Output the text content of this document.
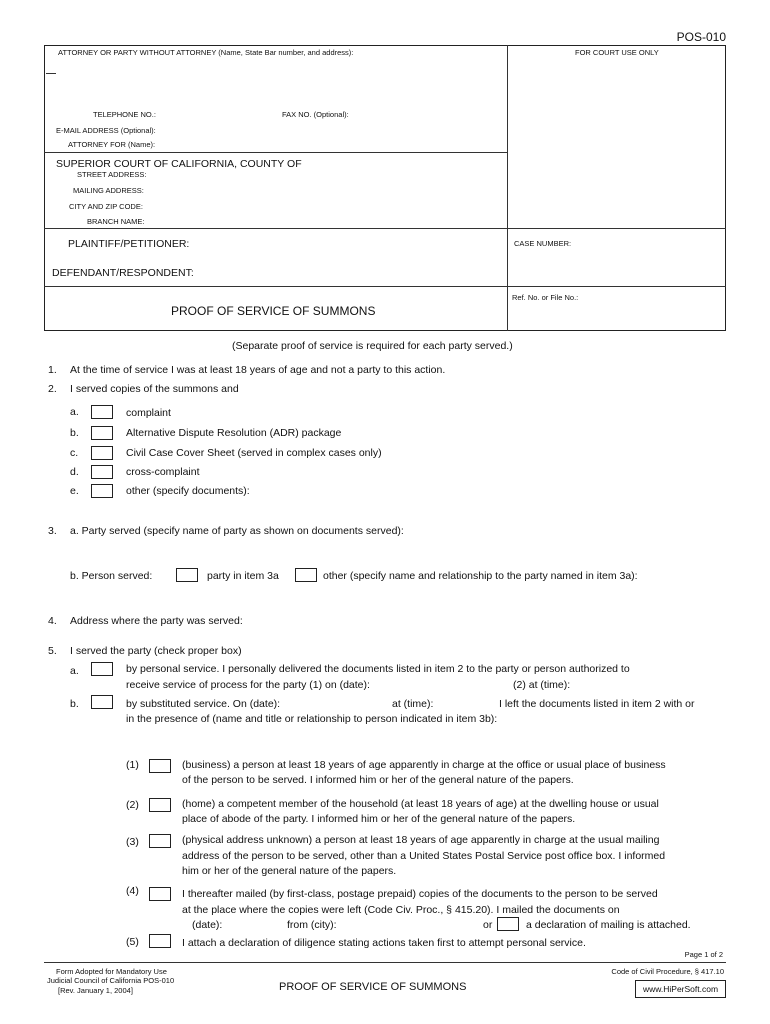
POS-010
ATTORNEY OR PARTY WITHOUT ATTORNEY (Name, State Bar number, and address):	FOR COURT USE ONLY
TELEPHONE NO.:	FAX NO. (Optional):
E-MAIL ADDRESS (Optional):
ATTORNEY FOR (Name):
SUPERIOR COURT OF CALIFORNIA, COUNTY OF
STREET ADDRESS:
MAILING ADDRESS:
CITY AND ZIP CODE:
BRANCH NAME:
PLAINTIFF/PETITIONER:
DEFENDANT/RESPONDENT:
CASE NUMBER:
Ref. No. or File No.:
PROOF OF SERVICE OF SUMMONS
(Separate proof of service is required for each party served.)
1. At the time of service I was at least 18 years of age and not a party to this action.
2. I served copies of the summons and
a.	complaint
b.	Alternative Dispute Resolution (ADR) package
c.	Civil Case Cover Sheet (served in complex cases only)
d.	cross-complaint
e.	other (specify documents):
3. a. Party served (specify name of party as shown on documents served):
b. Person served:	party in item 3a	other (specify name and relationship to the party named in item 3a):
4. Address where the party was served:
5. I served the party (check proper box)
a.	by personal service. I personally delivered the documents listed in item 2 to the party or person authorized to
receive service of process for the party (1) on (date):	(2) at (time):
b.	by substituted service. On (date):	at (time):	I left the documents listed in item 2 with or
in the presence of (name and title or relationship to person indicated in item 3b):
(1)	(business) a person at least 18 years of age apparently in charge at the office or usual place of business
of the person to be served. I informed him or her of the general nature of the papers.
(2)	(home) a competent member of the household (at least 18 years of age) at the dwelling house or usual
place of abode of the party. I informed him or her of the general nature of the papers.
(3)	(physical address unknown) a person at least 18 years of age apparently in charge at the usual mailing
address of the person to be served, other than a United States Postal Service post office box. I informed
him or her of the general nature of the papers.
(4)	I thereafter mailed (by first-class, postage prepaid) copies of the documents to the person to be served
at the place where the copies were left (Code Civ. Proc., § 415.20). I mailed the documents on
(date):	from (city):	or	a declaration of mailing is attached.
(5)	I attach a declaration of diligence stating actions taken first to attempt personal service.
Page 1 of 2
Form Adopted for Mandatory Use
Judicial Council of California POS-010
[Rev. January 1, 2004]	PROOF OF SERVICE OF SUMMONS
Code of Civil Procedure, § 417.10
www.HiPerSoft.com
